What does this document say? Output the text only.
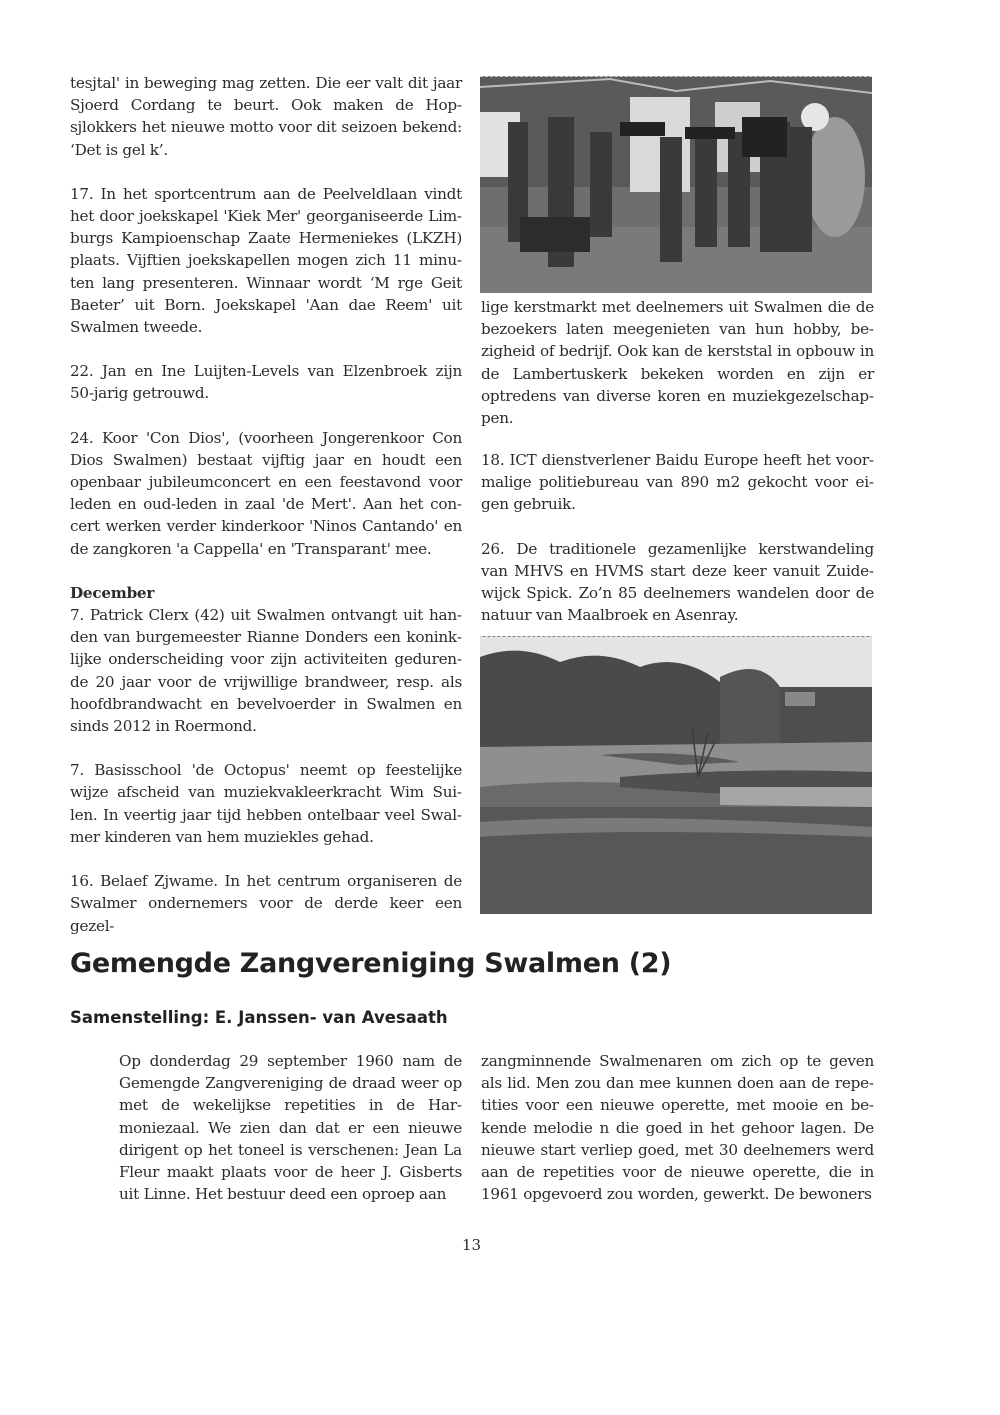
tesjtal' in beweging mag zetten. Die eer valt dit jaar Sjoerd Cordang te beurt. Ook maken de Hopsjlokkers het nieuwe motto voor dit seizoen bekend: ‘Det is gel k’.

17. In het sportcentrum aan de Peelveldlaan vindt het door joekskapel 'Kiek Mer' georganiseerde Limburgs Kampioenschap Zaate Hermeniekes (LKZH) plaats. Vijftien joekskapellen mogen zich 11 minuten lang presenteren. Winnaar wordt ‘M rge Geit Baeter’ uit Born. Joekskapel 'Aan dae Reem' uit Swalmen tweede.

22. Jan en Ine Luijten-Levels van Elzenbroek zijn 50-jarig getrouwd.

24. Koor 'Con Dios', (voorheen Jongerenkoor Con Dios Swalmen) bestaat vijftig jaar en houdt een openbaar jubileumconcert en een feestavond voor leden en oud-leden in zaal 'de Mert'. Aan het concert werken verder kinderkoor 'Ninos Cantando' en de zangkoren 'a Cappella' en 'Transparant' mee.

December

7. Patrick Clerx (42) uit Swalmen ontvangt uit handen van burgemeester Rianne Donders een koninklijke onderscheiding voor zijn activiteiten gedurende 20 jaar voor de vrijwillige brandweer, resp. als hoofdbrandwacht en bevelvoerder in Swalmen en sinds 2012 in Roermond.

7. Basisschool 'de Octopus' neemt op feestelijke wijze afscheid van muziekvakleerkracht Wim Suilen. In veertig jaar tijd hebben ontelbaar veel Swalmer kinderen van hem muziekles gehad.

16. Belaef Zjwame. In het centrum organiseren de Swalmer ondernemers voor de derde keer een gezel-

lige kerstmarkt met deelnemers uit Swalmen die de bezoekers laten meegenieten van hun hobby, bezigheid of bedrijf. Ook kan de kerststal in opbouw in de Lambertuskerk bekeken worden en zijn er optredens van diverse koren en muziekgezelschappen.

18. ICT dienstverlener Baidu Europe heeft het voormalige politiebureau van 890 m2 gekocht voor eigen gebruik.

26. De traditionele gezamenlijke kerstwandeling van MHVS en HVMS start deze keer vanuit Zuidewijck Spick. Zo’n 85 deelnemers wandelen door de natuur van Maalbroek en Asenray.

Gemengde Zangvereniging Swalmen (2)
Samenstelling: E. Janssen- van Avesaath

Op donderdag 29 september 1960 nam de Gemengde Zangvereniging de draad weer op met de wekelijkse repetities in de Harmoniezaal. We zien dan dat er een nieuwe dirigent op het toneel is verschenen: Jean La Fleur maakt plaats voor de heer J. Gisberts uit Linne. Het bestuur deed een oproep aan

zangminnende Swalmenaren om zich op te geven als lid. Men zou dan mee kunnen doen aan de repetities voor een nieuwe operette, met mooie en bekende melodie n die goed in het gehoor lagen. De nieuwe start verliep goed, met 30 deelnemers werd aan de repetities voor de nieuwe operette, die in 1961 opgevoerd zou worden, gewerkt. De bewoners

13
